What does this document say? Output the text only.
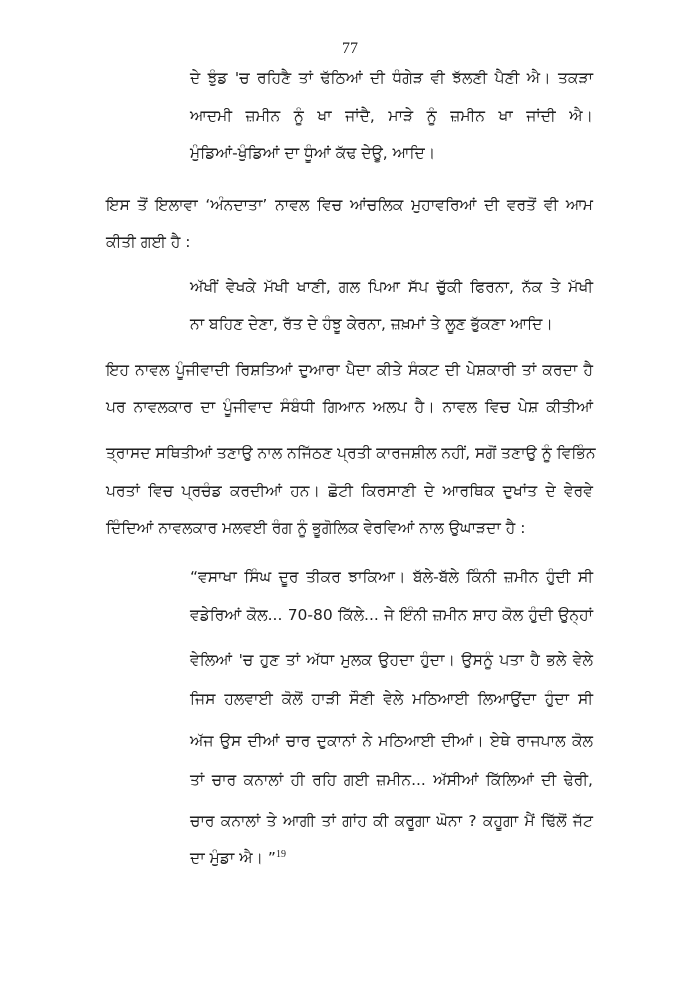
77
ਦੇ ਝੁੰਡ 'ਚ ਰਹਿਣੈ ਤਾਂ ਢੱਠਿਆਂ ਦੀ ਧੰਗੇੜ ਵੀ ਝੱਲਣੀ ਪੈਣੀ ਐ। ਤਕੜਾ
ਆਦਮੀ ਜ਼ਮੀਨ ਨੂੰ ਖਾ ਜਾਂਦੈ, ਮਾੜੇ ਨੂੰ ਜ਼ਮੀਨ ਖਾ ਜਾਂਦੀ ਐ।
ਮੁੰਡਿਆਂ-ਖੁੰਡਿਆਂ ਦਾ ਧੂੰਆਂ ਕੱਢ ਦੇਊ, ਆਦਿ।
ਇਸ ਤੋਂ ਇਲਾਵਾ ‘ਅੰਨਦਾਤਾ’ ਨਾਵਲ ਵਿਚ ਆਂਚਲਿਕ ਮੁਹਾਵਰਿਆਂ ਦੀ ਵਰਤੋਂ ਵੀ ਆਮ
ਕੀਤੀ ਗਈ ਹੈ :
ਅੱਖੀਂ ਵੇਖਕੇ ਮੱਖੀ ਖਾਣੀ, ਗਲ ਪਿਆ ਸੱਪ ਚੁੱਕੀ ਫਿਰਨਾ, ਨੱਕ ਤੇ ਮੱਖੀ
ਨਾ ਬਹਿਣ ਦੇਣਾ, ਰੱਤ ਦੇ ਹੰਝੂ ਕੇਰਨਾ, ਜ਼ਖ਼ਮਾਂ ਤੇ ਲੂਣ ਭੁੱਕਣਾ ਆਦਿ।
ਇਹ ਨਾਵਲ ਪੂੰਜੀਵਾਦੀ ਰਿਸ਼ਤਿਆਂ ਦੁਆਰਾ ਪੈਦਾ ਕੀਤੇ ਸੰਕਟ ਦੀ ਪੇਸ਼ਕਾਰੀ ਤਾਂ ਕਰਦਾ ਹੈ
ਪਰ ਨਾਵਲਕਾਰ ਦਾ ਪੂੰਜੀਵਾਦ ਸੰਬੰਧੀ ਗਿਆਨ ਅਲਪ ਹੈ। ਨਾਵਲ ਵਿਚ ਪੇਸ਼ ਕੀਤੀਆਂ
ਤ੍ਰਾਸਦ ਸਥਿਤੀਆਂ ਤਣਾਉ ਨਾਲ ਨਜਿੱਠਣ ਪ੍ਰਤੀ ਕਾਰਜਸ਼ੀਲ ਨਹੀਂ, ਸਗੋਂ ਤਣਾਉ ਨੂੰ ਵਿਭਿੰਨ
ਪਰਤਾਂ ਵਿਚ ਪ੍ਰਚੰਡ ਕਰਦੀਆਂ ਹਨ। ਛੋਟੀ ਕਿਰਸਾਣੀ ਦੇ ਆਰਥਿਕ ਦੁਖਾਂਤ ਦੇ ਵੇਰਵੇ
ਦਿੰਦਿਆਂ ਨਾਵਲਕਾਰ ਮਲਵਈ ਰੰਗ ਨੂੰ ਭੂਗੋਲਿਕ ਵੇਰਵਿਆਂ ਨਾਲ ਉਘਾੜਦਾ ਹੈ :
“ਵਸਾਖਾ ਸਿੰਘ ਦੂਰ ਤੀਕਰ ਝਾਕਿਆ। ਬੱਲੇ-ਬੱਲੇ ਕਿੰਨੀ ਜ਼ਮੀਨ ਹੁੰਦੀ ਸੀ
ਵਡੇਰਿਆਂ ਕੋਲ... 70-80 ਕਿੱਲੇ... ਜੇ ਇੰਨੀ ਜ਼ਮੀਨ ਸ਼ਾਹ ਕੋਲ ਹੁੰਦੀ ਉਨ੍ਹਾਂ
ਵੇਲਿਆਂ 'ਚ ਹੁਣ ਤਾਂ ਅੱਧਾ ਮੁਲਕ ਉਹਦਾ ਹੁੰਦਾ। ਉਸਨੂੰ ਪਤਾ ਹੈ ਭਲੇ ਵੇਲੇ
ਜਿਸ ਹਲਵਾਈ ਕੋਲੋਂ ਹਾੜੀ ਸੌਣੀ ਵੇਲੇ ਮਠਿਆਈ ਲਿਆਉਂਦਾ ਹੁੰਦਾ ਸੀ
ਅੱਜ ਉਸ ਦੀਆਂ ਚਾਰ ਦੁਕਾਨਾਂ ਨੇ ਮਠਿਆਈ ਦੀਆਂ। ਏਥੇ ਰਾਜਪਾਲ ਕੋਲ
ਤਾਂ ਚਾਰ ਕਨਾਲਾਂ ਹੀ ਰਹਿ ਗਈ ਜ਼ਮੀਨ... ਅੱਸੀਆਂ ਕਿੱਲਿਆਂ ਦੀ ਢੇਰੀ,
ਚਾਰ ਕਨਾਲਾਂ ਤੇ ਆਗੀ ਤਾਂ ਗਾਂਹ ਕੀ ਕਰੂਗਾ ਘੋਨਾ ? ਕਹੂਗਾ ਮੈਂ ਢਿੱਲੋਂ ਜੱਟ
ਦਾ ਮੁੰਡਾ ਐ। ”$^{19}$
